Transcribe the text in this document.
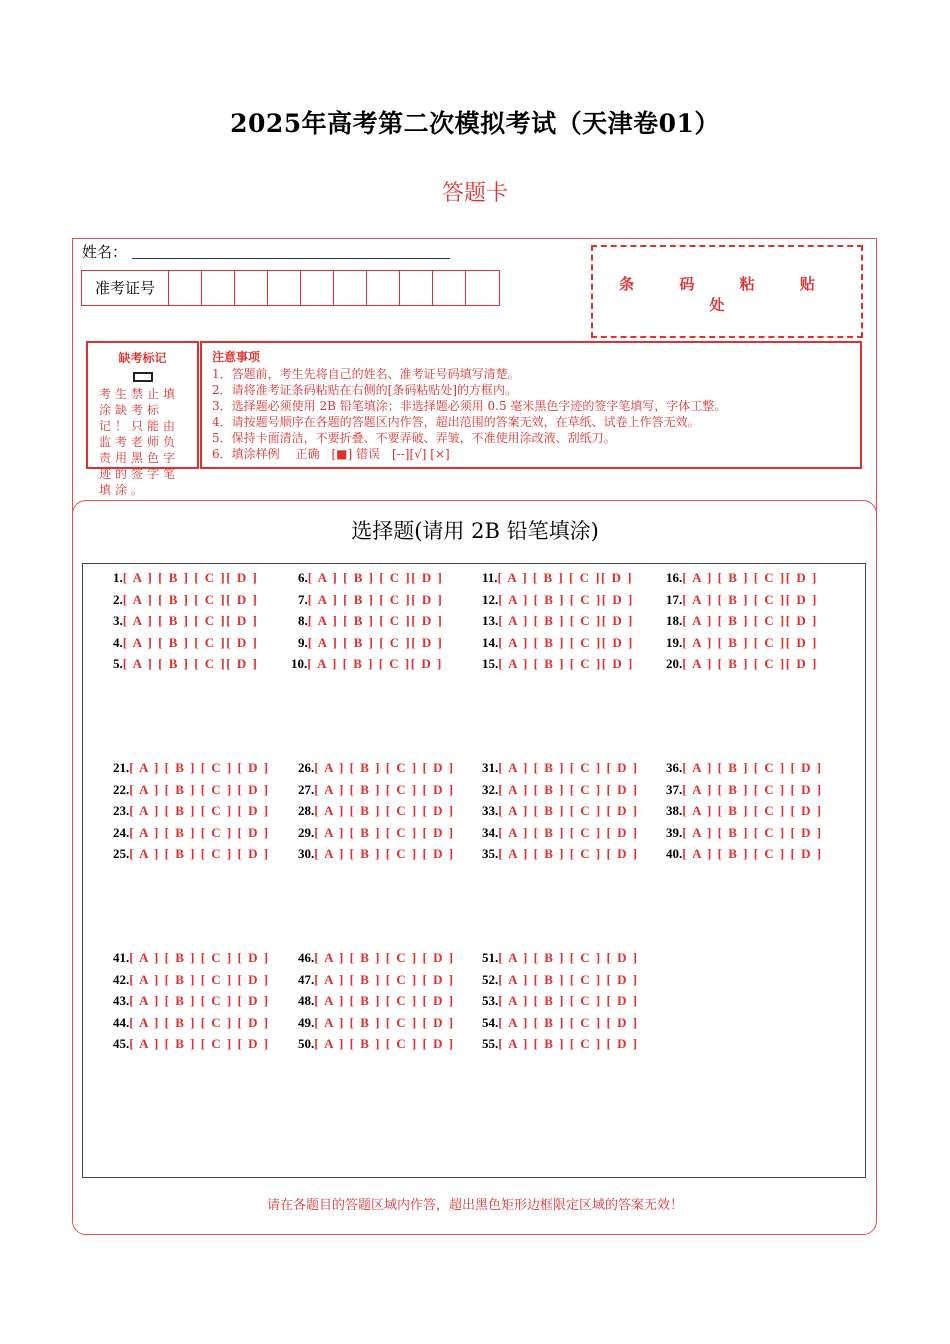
2025年高考第二次模拟考试（天津卷01）
答题卡
姓名：
准考证号	条 码 粘 贴 处
缺考标记
考生禁止填涂缺考标记！只能由监考老师负责用黑色字迹的签字笔填涂。
注意事项
1．答题前，考生先将自己的姓名、准考证号码填写清楚。
2．请将准考证条码粘贴在右侧的[条码粘贴处]的方框内。
3．选择题必须使用 2B 铅笔填涂；非选择题必须用 0.5 毫米黑色字迹的签字笔填写，字体工整。
4．请按题号顺序在各题的答题区内作答，超出范围的答案无效，在草纸、试卷上作答无效。
5．保持卡面清洁，不要折叠、不要弄破、弄皱，不准使用涂改液、刮纸刀。
6．填涂样例　 正确　[■] 错误　[--][√] [×]
选择题(请用 2B 铅笔填涂)
1.[ A ] [ B ] [ C ][ D ]
2.[ A ] [ B ] [ C ][ D ]
3.[ A ] [ B ] [ C ][ D ]
4.[ A ] [ B ] [ C ][ D ]
5.[ A ] [ B ] [ C ][ D ]
6.[ A ] [ B ] [ C ][ D ]
7.[ A ] [ B ] [ C ][ D ]
8.[ A ] [ B ] [ C ][ D ]
9.[ A ] [ B ] [ C ][ D ]
10.[ A ] [ B ] [ C ][ D ]
11.[ A ] [ B ] [ C ][ D ]
12.[ A ] [ B ] [ C ][ D ]
13.[ A ] [ B ] [ C ][ D ]
14.[ A ] [ B ] [ C ][ D ]
15.[ A ] [ B ] [ C ][ D ]
16.[ A ] [ B ] [ C ][ D ]
17.[ A ] [ B ] [ C ][ D ]
18.[ A ] [ B ] [ C ][ D ]
19.[ A ] [ B ] [ C ][ D ]
20.[ A ] [ B ] [ C ][ D ]
21.[ A ] [ B ] [ C ] [ D ]
22.[ A ] [ B ] [ C ] [ D ]
23.[ A ] [ B ] [ C ] [ D ]
24.[ A ] [ B ] [ C ] [ D ]
25.[ A ] [ B ] [ C ] [ D ]
26.[ A ] [ B ] [ C ] [ D ]
27.[ A ] [ B ] [ C ] [ D ]
28.[ A ] [ B ] [ C ] [ D ]
29.[ A ] [ B ] [ C ] [ D ]
30.[ A ] [ B ] [ C ] [ D ]
31.[ A ] [ B ] [ C ] [ D ]
32.[ A ] [ B ] [ C ] [ D ]
33.[ A ] [ B ] [ C ] [ D ]
34.[ A ] [ B ] [ C ] [ D ]
35.[ A ] [ B ] [ C ] [ D ]
36.[ A ] [ B ] [ C ] [ D ]
37.[ A ] [ B ] [ C ] [ D ]
38.[ A ] [ B ] [ C ] [ D ]
39.[ A ] [ B ] [ C ] [ D ]
40.[ A ] [ B ] [ C ] [ D ]
41.[ A ] [ B ] [ C ] [ D ]
42.[ A ] [ B ] [ C ] [ D ]
43.[ A ] [ B ] [ C ] [ D ]
44.[ A ] [ B ] [ C ] [ D ]
45.[ A ] [ B ] [ C ] [ D ]
46.[ A ] [ B ] [ C ] [ D ]
47.[ A ] [ B ] [ C ] [ D ]
48.[ A ] [ B ] [ C ] [ D ]
49.[ A ] [ B ] [ C ] [ D ]
50.[ A ] [ B ] [ C ] [ D ]
51.[ A ] [ B ] [ C ] [ D ]
52.[ A ] [ B ] [ C ] [ D ]
53.[ A ] [ B ] [ C ] [ D ]
54.[ A ] [ B ] [ C ] [ D ]
55.[ A ] [ B ] [ C ] [ D ]
请在各题目的答题区域内作答，超出黑色矩形边框限定区域的答案无效！
